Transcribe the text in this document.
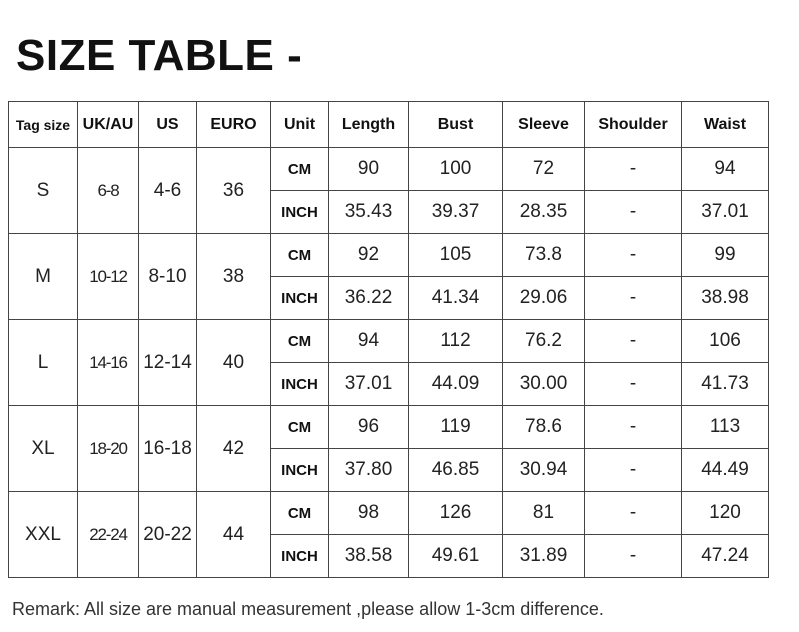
SIZE TABLE -
Tag size	UK/AU	US	EURO	Unit	Length	Bust	Sleeve	Shoulder	Waist
S	6-8	4-6	36	CM	90	100	72	-	94
				INCH	35.43	39.37	28.35	-	37.01
M	10-12	8-10	38	CM	92	105	73.8	-	99
				INCH	36.22	41.34	29.06	-	38.98
L	14-16	12-14	40	CM	94	112	76.2	-	106
				INCH	37.01	44.09	30.00	-	41.73
XL	18-20	16-18	42	CM	96	119	78.6	-	113
				INCH	37.80	46.85	30.94	-	44.49
XXL	22-24	20-22	44	CM	98	126	81	-	120
				INCH	38.58	49.61	31.89	-	47.24
Remark: All size are manual measurement ,please allow 1-3cm difference.
